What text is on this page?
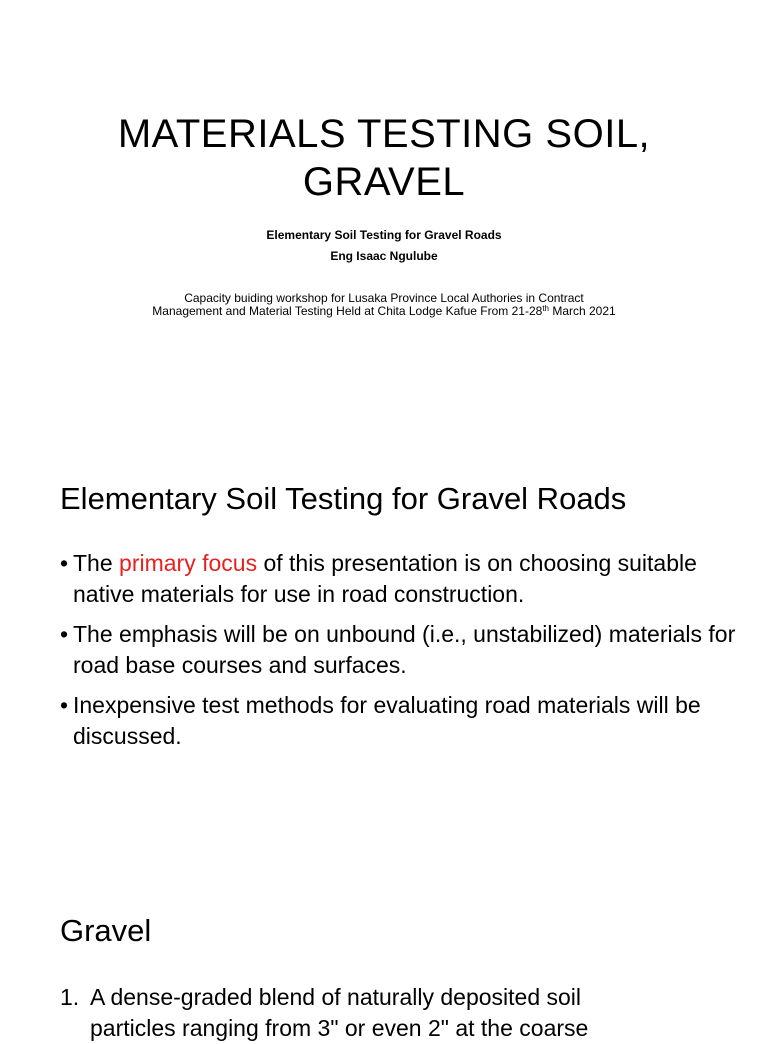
MATERIALS TESTING SOIL,
GRAVEL
Elementary Soil Testing for Gravel Roads
Eng Isaac Ngulube
Capacity buiding workshop for Lusaka Province Local Authories in Contract
Management and Material Testing Held at Chita Lodge Kafue From 21-28th March 2021
Elementary Soil Testing for Gravel Roads
• The primary focus of this presentation is on choosing suitable native materials for use in road construction.
• The emphasis will be on unbound (i.e., unstabilized) materials for road base courses and surfaces.
• Inexpensive test methods for evaluating road materials will be discussed.
Gravel
1. A dense-graded blend of naturally deposited soil
particles ranging from 3" or even 2" at the coarse
